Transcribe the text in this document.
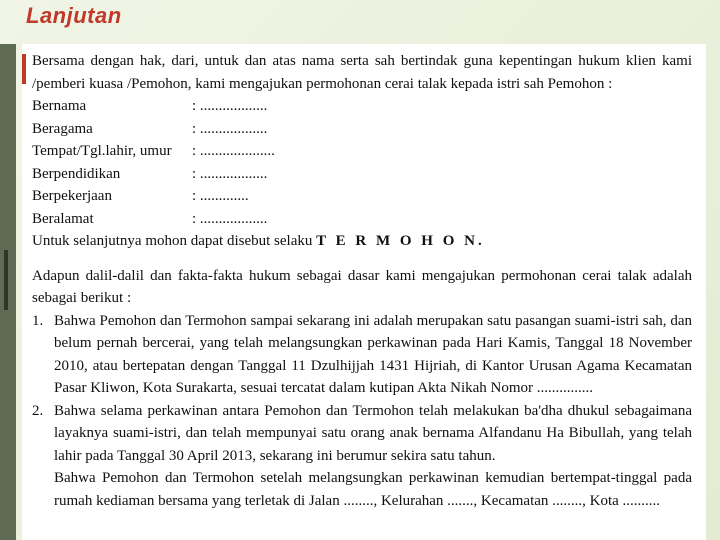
Lanjutan
Bersama dengan hak, dari, untuk dan atas nama serta sah bertindak guna kepentingan hukum klien kami /pemberi kuasa /Pemohon, kami mengajukan permohonan cerai talak kepada istri sah Pemohon :
Bernama	: ..................
Beragama	: ..................
Tempat/Tgl.lahir, umur	: ....................
Berpendidikan	: ..................
Berpekerjaan	: .............
Beralamat	: ..................
Untuk selanjutnya mohon dapat disebut selaku T E R M O H O N.
Adapun dalil-dalil dan fakta-fakta hukum sebagai dasar kami mengajukan permohonan cerai talak adalah sebagai berikut :
1. Bahwa Pemohon dan Termohon sampai sekarang ini adalah merupakan satu pasangan suami-istri sah, dan belum pernah bercerai, yang telah melangsungkan perkawinan pada Hari Kamis, Tanggal 18 November 2010, atau bertepatan dengan Tanggal 11 Dzulhijjah 1431 Hijriah, di Kantor Urusan Agama Kecamatan Pasar Kliwon, Kota Surakarta, sesuai tercatat dalam kutipan Akta Nikah Nomor ...............
2. Bahwa selama perkawinan antara Pemohon dan Termohon telah melakukan ba'dha dhukul sebagaimana layaknya suami-istri, dan telah mempunyai satu orang anak bernama Alfandanu Ha Bibullah, yang telah lahir pada Tanggal 30 April 2013, sekarang ini berumur sekira satu tahun.
Bahwa Pemohon dan Termohon setelah melangsungkan perkawinan kemudian bertempat-tinggal pada rumah kediaman bersama yang terletak di Jalan ........, Kelurahan ......., Kecamatan ........, Kota ..........
